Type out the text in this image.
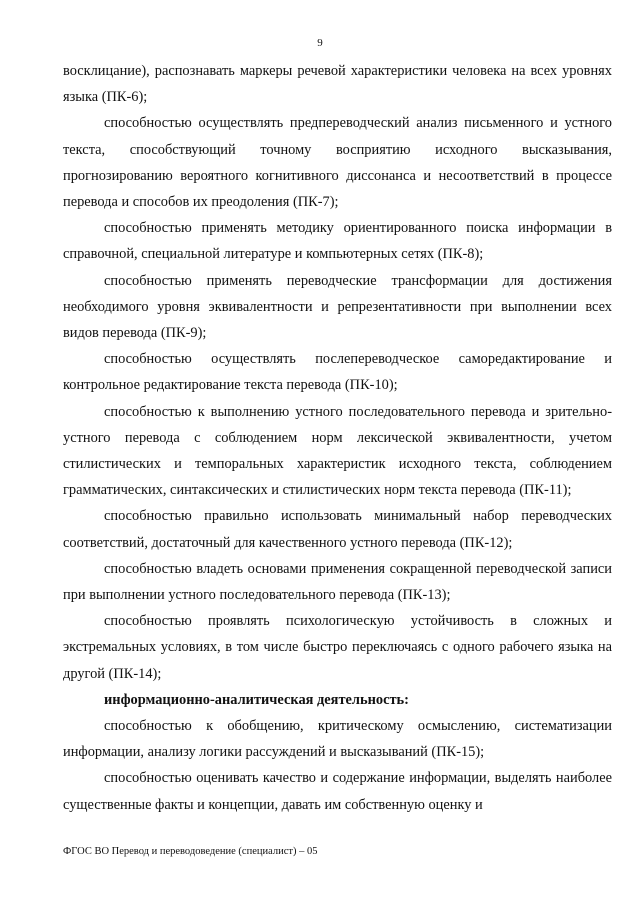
9

восклицание), распознавать маркеры речевой характеристики человека на всех уровнях языка (ПК-6);

способностью осуществлять предпереводческий анализ письменного и устного текста, способствующий точному восприятию исходного высказывания, прогнозированию вероятного когнитивного диссонанса и несоответствий в процессе перевода и способов их преодоления (ПК-7);

способностью применять методику ориентированного поиска информации в справочной, специальной литературе и компьютерных сетях (ПК-8);

способностью применять переводческие трансформации для достижения необходимого уровня эквивалентности и репрезентативности при выполнении всех видов перевода (ПК-9);

способностью осуществлять послепереводческое саморедактирование и контрольное редактирование текста перевода (ПК-10);

способностью к выполнению устного последовательного перевода и зрительно-устного перевода с соблюдением норм лексической эквивалентности, учетом стилистических и темпоральных характеристик исходного текста, соблюдением грамматических, синтаксических и стилистических норм текста перевода (ПК-11);

способностью правильно использовать минимальный набор переводческих соответствий, достаточный для качественного устного перевода (ПК-12);

способностью владеть основами применения сокращенной переводческой записи при выполнении устного последовательного перевода (ПК-13);

способностью проявлять психологическую устойчивость в сложных и экстремальных условиях, в том числе быстро переключаясь с одного рабочего языка на другой (ПК-14);

информационно-аналитическая деятельность:

способностью к обобщению, критическому осмыслению, систематизации информации, анализу логики рассуждений и высказываний (ПК-15);

способностью оценивать качество и содержание информации, выделять наиболее существенные факты и концепции, давать им собственную оценку и

ФГОС ВО Перевод и переводоведение (специалист) – 05
